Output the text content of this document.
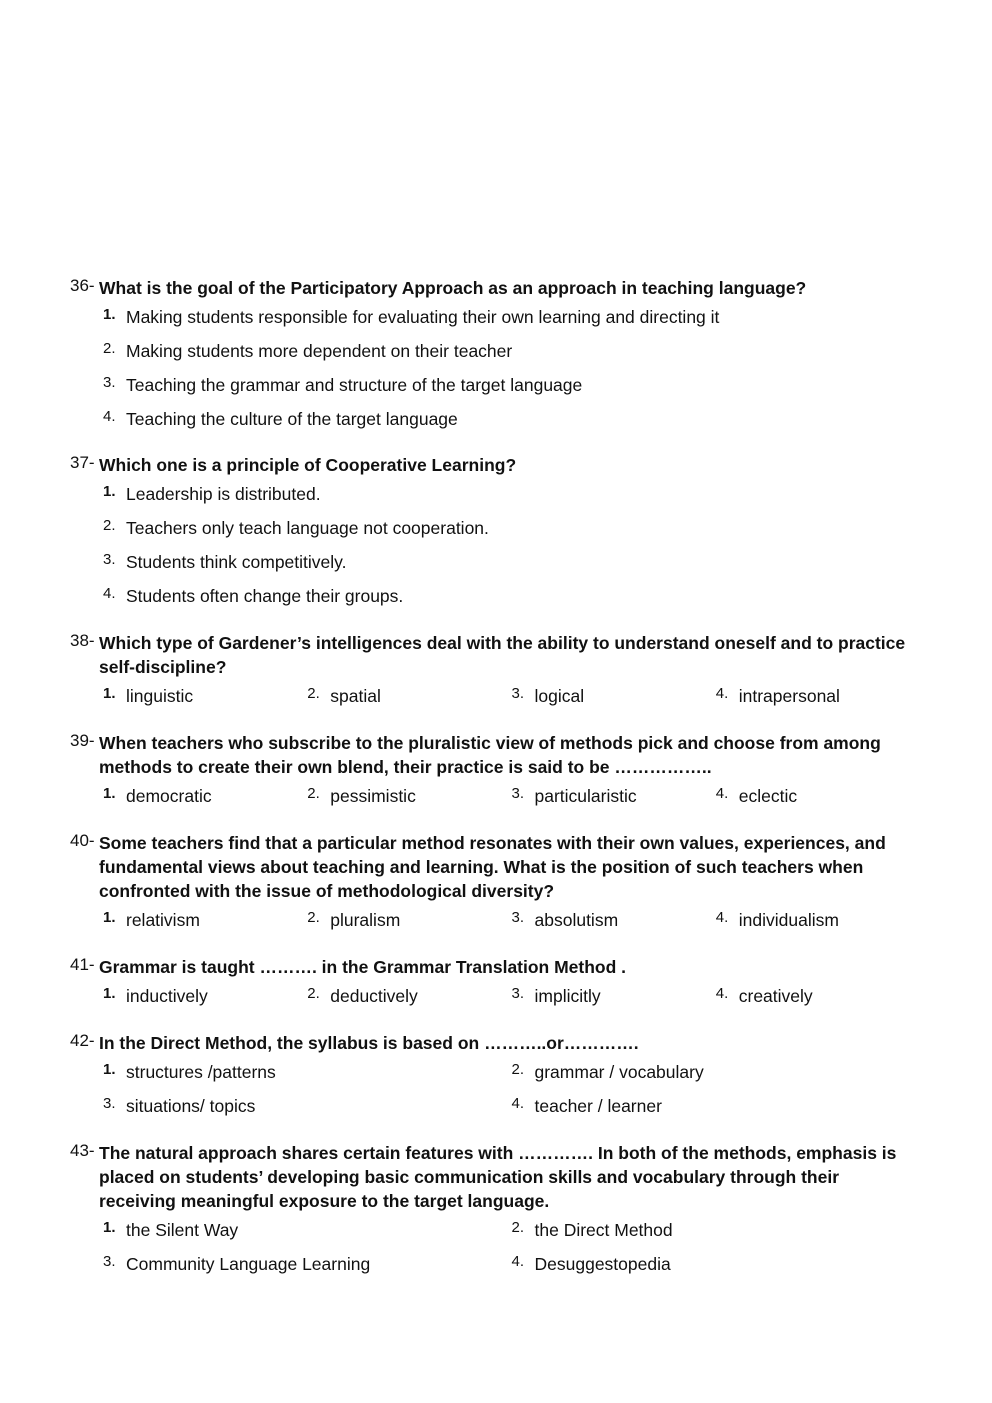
36- What is the goal of the Participatory Approach as an approach in teaching language?
1. Making students responsible for evaluating their own learning and directing it
2. Making students more dependent on their teacher
3. Teaching the grammar and structure of the target language
4. Teaching the culture of the target language
37- Which one is a principle of Cooperative Learning?
1. Leadership is distributed.
2. Teachers only teach language not cooperation.
3. Students think competitively.
4. Students often change their groups.
38- Which type of Gardener’s intelligences deal with the ability to understand oneself and to practice self-discipline?
1. linguistic	2. spatial	3. logical	4. intrapersonal
39- When teachers who subscribe to the pluralistic view of methods pick and choose from among methods to create their own blend, their practice is said to be ……………..
1. democratic	2. pessimistic	3. particularistic	4. eclectic
40- Some teachers find that a particular method resonates with their own values, experiences, and fundamental views about teaching and learning. What is the position of such teachers when confronted with the issue of methodological diversity?
1. relativism	2. pluralism	3. absolutism	4. individualism
41- Grammar is taught ………. in the Grammar Translation Method .
1. inductively	2. deductively	3. implicitly	4. creatively
42- In the Direct Method, the syllabus is based on ………..or………….
1. structures /patterns	2. grammar / vocabulary
3. situations/ topics	4. teacher / learner
43- The natural approach shares certain features with …………. In both of the methods, emphasis is placed on students’ developing basic communication skills and vocabulary through their receiving meaningful exposure to the target language.
1. the Silent Way	2. the Direct Method
3. Community Language Learning	4. Desuggestopedia
